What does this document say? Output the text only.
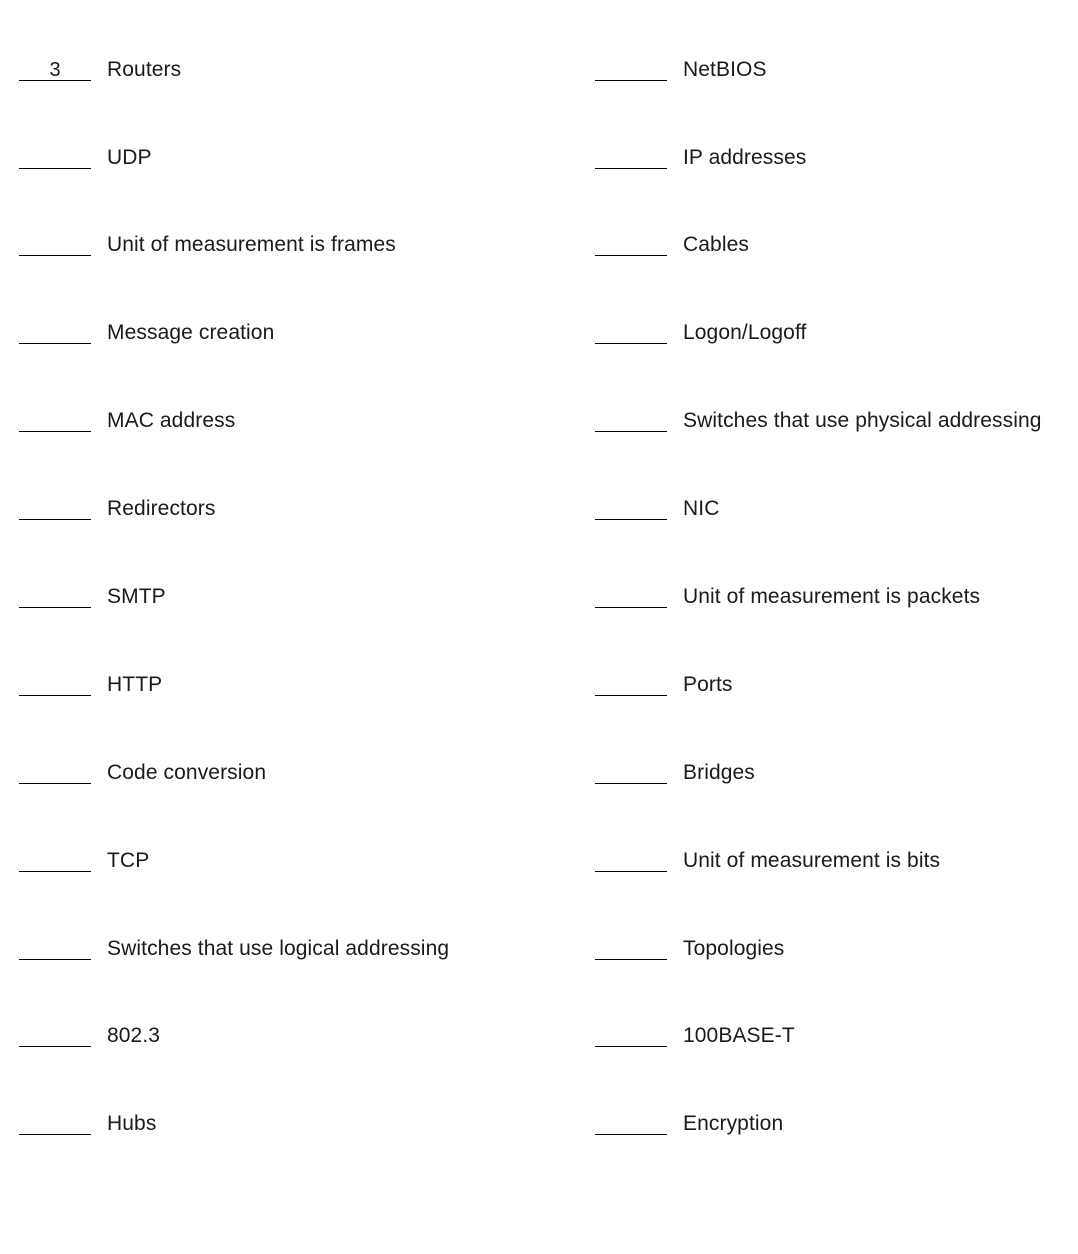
3	Routers
UDP
Unit of measurement is frames
Message creation
MAC address
Redirectors
SMTP
HTTP
Code conversion
TCP
Switches that use logical addressing
802.3
Hubs
NetBIOS
IP addresses
Cables
Logon/Logoff
Switches that use physical addressing
NIC
Unit of measurement is packets
Ports
Bridges
Unit of measurement is bits
Topologies
100BASE-T
Encryption
